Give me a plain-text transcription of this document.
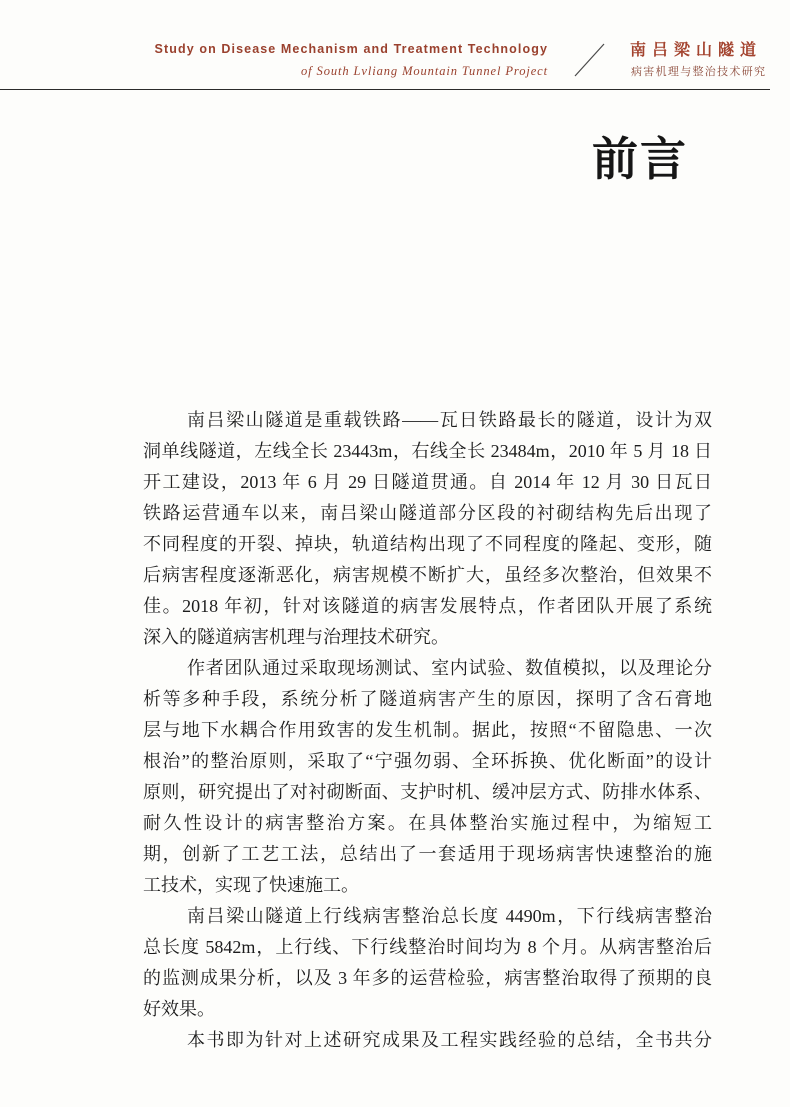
Study on Disease Mechanism and Treatment Technology
of South Lvliang Mountain Tunnel Project
南吕梁山隧道
病害机理与整治技术研究
前言
南吕梁山隧道是重载铁路——瓦日铁路最长的隧道，设计为双
洞单线隧道，左线全长 23443m，右线全长 23484m，2010 年 5 月 18 日
开工建设，2013 年 6 月 29 日隧道贯通。自 2014 年 12 月 30 日瓦日
铁路运营通车以来，南吕梁山隧道部分区段的衬砌结构先后出现了
不同程度的开裂、掉块，轨道结构出现了不同程度的隆起、变形，随
后病害程度逐渐恶化，病害规模不断扩大，虽经多次整治，但效果不
佳。2018 年初，针对该隧道的病害发展特点，作者团队开展了系统
深入的隧道病害机理与治理技术研究。
作者团队通过采取现场测试、室内试验、数值模拟，以及理论分
析等多种手段，系统分析了隧道病害产生的原因，探明了含石膏地
层与地下水耦合作用致害的发生机制。据此，按照“不留隐患、一次
根治”的整治原则，采取了“宁强勿弱、全环拆换、优化断面”的设计
原则，研究提出了对衬砌断面、支护时机、缓冲层方式、防排水体系、
耐久性设计的病害整治方案。在具体整治实施过程中，为缩短工
期，创新了工艺工法，总结出了一套适用于现场病害快速整治的施
工技术，实现了快速施工。
南吕梁山隧道上行线病害整治总长度 4490m，下行线病害整治
总长度 5842m，上行线、下行线整治时间均为 8 个月。从病害整治后
的监测成果分析，以及 3 年多的运营检验，病害整治取得了预期的良
好效果。
本书即为针对上述研究成果及工程实践经验的总结，全书共分
